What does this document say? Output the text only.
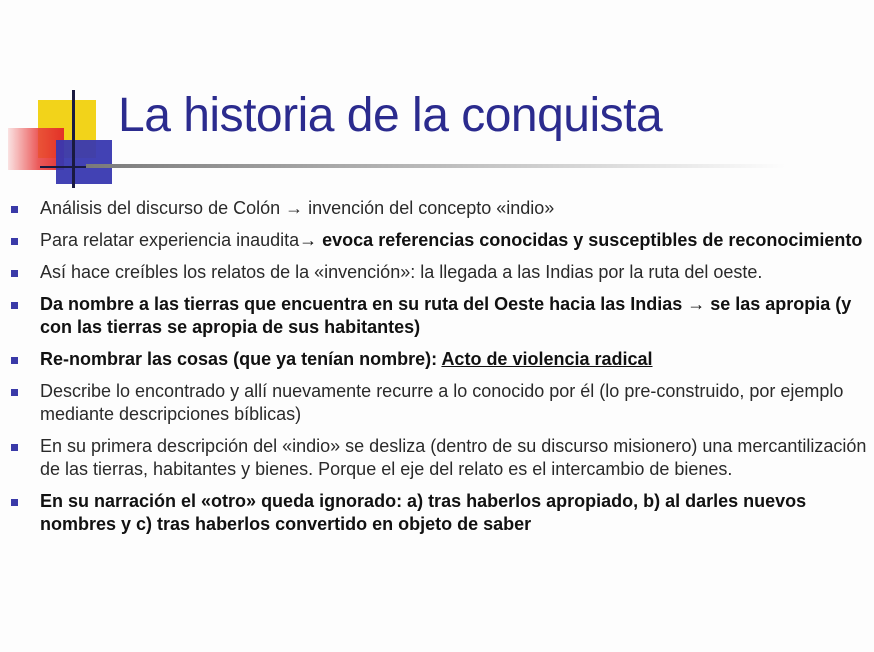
La historia de la conquista
Análisis del discurso de Colón → invención del concepto «indio»
Para relatar experiencia inaudita→ evoca referencias conocidas y susceptibles de reconocimiento
Así hace creíbles los relatos de la «invención»: la llegada a las Indias por la ruta del oeste.
Da nombre a las tierras que encuentra en su ruta del Oeste hacia las Indias → se las apropia (y con las tierras se apropia de sus habitantes)
Re-nombrar las cosas (que ya tenían nombre): Acto de violencia radical
Describe lo encontrado y allí nuevamente recurre a lo conocido por él (lo pre-construido, por ejemplo mediante descripciones bíblicas)
En su primera descripción del «indio» se desliza (dentro de su discurso misionero) una mercantilización de las tierras, habitantes y bienes. Porque el eje del relato es el intercambio de bienes.
En su narración el «otro» queda ignorado: a) tras haberlos apropiado, b) al darles nuevos nombres y c) tras haberlos convertido en objeto de saber
